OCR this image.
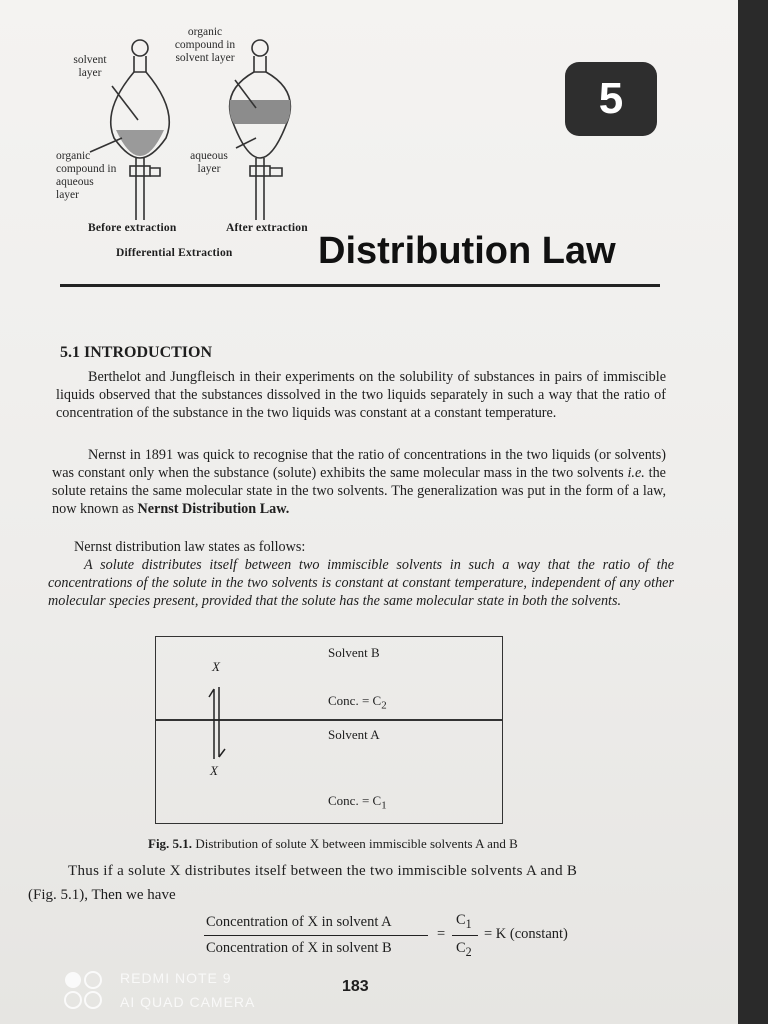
organic compound in solvent layer
solvent layer
organic compound in aqueous layer
aqueous layer
Before extraction	After extraction
Differential Extraction
5
Distribution Law
5.1 INTRODUCTION
Berthelot and Jungfleisch in their experiments on the solubility of substances in pairs of immiscible liquids observed that the substances dissolved in the two liquids separately in such a way that the ratio of concentration of the substance in the two liquids was constant at a constant temperature.
Nernst in 1891 was quick to recognise that the ratio of concentrations in the two liquids (or solvents) was constant only when the substance (solute) exhibits the same molecular mass in the two solvents i.e. the solute retains the same molecular state in the two solvents. The generalization was put in the form of a law, now known as Nernst Distribution Law.
Nernst distribution law states as follows:
A solute distributes itself between two immiscible solvents in such a way that the ratio of the concentrations of the solute in the two solvents is constant at constant temperature, independent of any other molecular species present, provided that the solute has the same molecular state in both the solvents.
Solvent B
Conc. = $C_2$
Solvent A
Conc. = $C_1$
X
X
Fig. 5.1. Distribution of solute X between immiscible solvents A and B
Thus if a solute X distributes itself between the two immiscible solvents A and B
(Fig. 5.1), Then we have
Concentration of X in solvent A
Concentration of X in solvent B
=
$C_1$
$C_2$
= K (constant)
183
REDMI NOTE 9
AI QUAD CAMERA
